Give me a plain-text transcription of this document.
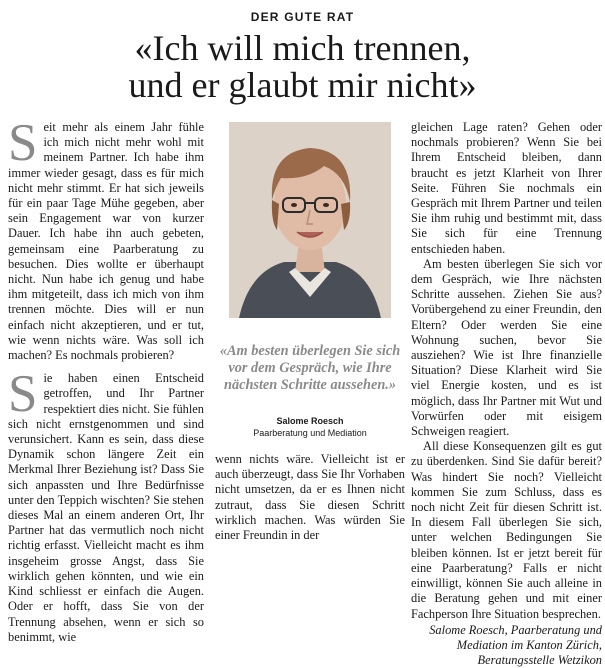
DER GUTE RAT
«Ich will mich trennen,
und er glaubt mir nicht»

Seit mehr als einem Jahr fühle ich mich nicht mehr wohl mit meinem Partner. Ich habe ihm immer wieder gesagt, dass es für mich nicht mehr stimmt. Er hat sich jeweils für ein paar Tage Mühe gegeben, aber sein Engagement war von kurzer Dauer. Ich habe ihn auch gebeten, gemeinsam eine Paarberatung zu besuchen. Dies wollte er überhaupt nicht. Nun habe ich genug und habe ihm mitgeteilt, dass ich mich von ihm trennen möchte. Dies will er nun einfach nicht akzeptieren, und er tut, wie wenn nichts wäre. Was soll ich machen? Es nochmals probieren?

Sie haben einen Entscheid getroffen, und Ihr Partner respektiert dies nicht. Sie fühlen sich nicht ernstgenommen und sind verunsichert. Kann es sein, dass diese Dynamik schon längere Zeit ein Merkmal Ihrer Beziehung ist? Dass Sie sich anpassten und Ihre Bedürfnisse unter den Teppich wischten? Sie stehen dieses Mal an einem anderen Ort, Ihr Partner hat das vermutlich noch nicht richtig erfasst. Vielleicht macht es ihm insgeheim grosse Angst, dass Sie wirklich gehen könnten, und wie ein Kind schliesst er einfach die Augen. Oder er hofft, dass Sie von der Trennung absehen, wenn er sich so benimmt, wie

«Am besten überlegen Sie sich vor dem Gespräch, wie Ihre nächsten Schritte aussehen.»
Salome Roesch
Paarberatung und Mediation

wenn nichts wäre. Vielleicht ist er auch überzeugt, dass Sie Ihr Vorhaben nicht umsetzen, da er es Ihnen nicht zutraut, dass Sie diesen Schritt wirklich machen. Was würden Sie einer Freundin in der

gleichen Lage raten? Gehen oder nochmals probieren? Wenn Sie bei Ihrem Entscheid bleiben, dann braucht es jetzt Klarheit von Ihrer Seite. Führen Sie nochmals ein Gespräch mit Ihrem Partner und teilen Sie ihm ruhig und bestimmt mit, dass Sie sich für eine Trennung entschieden haben.

Am besten überlegen Sie sich vor dem Gespräch, wie Ihre nächsten Schritte aussehen. Ziehen Sie aus? Vorübergehend zu einer Freundin, den Eltern? Oder werden Sie eine Wohnung suchen, bevor Sie ausziehen? Wie ist Ihre finanzielle Situation? Diese Klarheit wird Sie viel Energie kosten, und es ist möglich, dass Ihr Partner mit Wut und Vorwürfen oder mit eisigem Schweigen reagiert.

All diese Konsequenzen gilt es gut zu überdenken. Sind Sie dafür bereit? Was hindert Sie noch? Vielleicht kommen Sie zum Schluss, dass es noch nicht Zeit für diesen Schritt ist. In diesem Fall überlegen Sie sich, unter welchen Bedingungen Sie bleiben können. Ist er jetzt bereit für eine Paarberatung? Falls er nicht einwilligt, können Sie auch alleine in die Beratung gehen und mit einer Fachperson Ihre Situation besprechen.

Salome Roesch, Paarberatung und
Mediation im Kanton Zürich,
Beratungsstelle Wetzikon
